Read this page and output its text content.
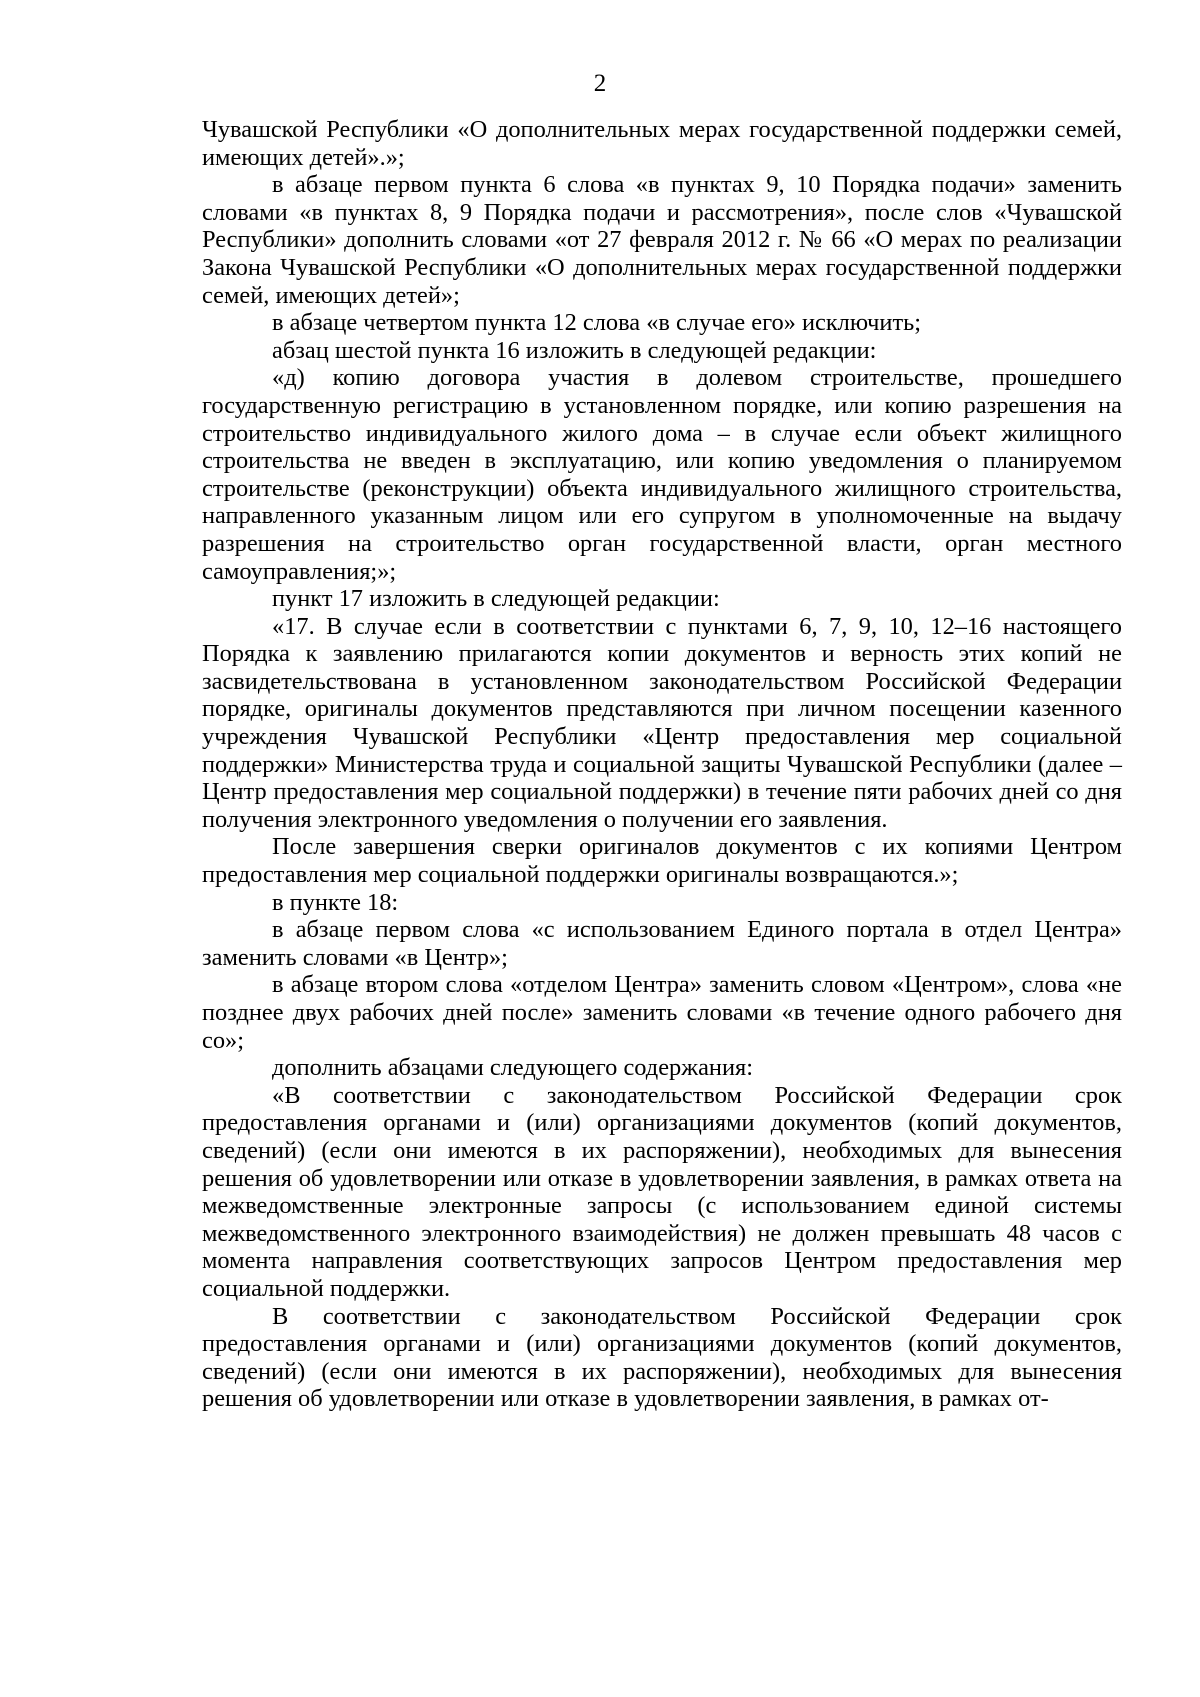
2

Чувашской Республики «О дополнительных мерах государственной поддержки семей, имеющих детей».»;

в абзаце первом пункта 6 слова «в пунктах 9, 10 Порядка подачи» заменить словами «в пунктах 8, 9 Порядка подачи и рассмотрения», после слов «Чувашской Республики» дополнить словами «от 27 февраля 2012 г. № 66 «О мерах по реализации Закона Чувашской Республики «О дополнительных мерах государственной поддержки семей, имеющих детей»;

в абзаце четвертом пункта 12 слова «в случае его» исключить;

абзац шестой пункта 16 изложить в следующей редакции:

«д) копию договора участия в долевом строительстве, прошедшего государственную регистрацию в установленном порядке, или копию разрешения на строительство индивидуального жилого дома – в случае если объект жилищного строительства не введен в эксплуатацию, или копию уведомления о планируемом строительстве (реконструкции) объекта индивидуального жилищного строительства, направленного указанным лицом или его супругом в уполномоченные на выдачу разрешения на строительство орган государственной власти, орган местного самоуправления;»;

пункт 17 изложить в следующей редакции:

«17. В случае если в соответствии с пунктами 6, 7, 9, 10, 12–16 настоящего Порядка к заявлению прилагаются копии документов и верность этих копий не засвидетельствована в установленном законодательством Российской Федерации порядке, оригиналы документов представляются при личном посещении казенного учреждения Чувашской Республики «Центр предоставления мер социальной поддержки» Министерства труда и социальной защиты Чувашской Республики (далее – Центр предоставления мер социальной поддержки) в течение пяти рабочих дней со дня получения электронного уведомления о получении его заявления.

После завершения сверки оригиналов документов с их копиями Центром предоставления мер социальной поддержки оригиналы возвращаются.»;

в пункте 18:

в абзаце первом слова «с использованием Единого портала в отдел Центра» заменить словами «в Центр»;

в абзаце втором слова «отделом Центра» заменить словом «Центром», слова «не позднее двух рабочих дней после» заменить словами «в течение одного рабочего дня со»;

дополнить абзацами следующего содержания:

«В соответствии с законодательством Российской Федерации срок предоставления органами и (или) организациями документов (копий документов, сведений) (если они имеются в их распоряжении), необходимых для вынесения решения об удовлетворении или отказе в удовлетворении заявления, в рамках ответа на межведомственные электронные запросы (с использованием единой системы межведомственного электронного взаимодействия) не должен превышать 48 часов с момента направления соответствующих запросов Центром предоставления мер социальной поддержки.

В соответствии с законодательством Российской Федерации срок предоставления органами и (или) организациями документов (копий документов, сведений) (если они имеются в их распоряжении), необходимых для вынесения решения об удовлетворении или отказе в удовлетворении заявления, в рамках от-
